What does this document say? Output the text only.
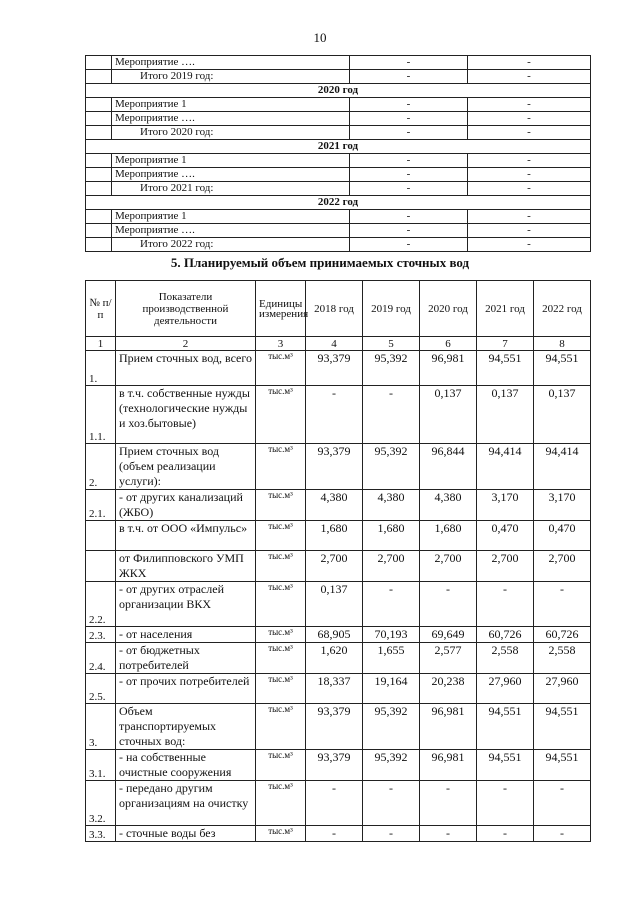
10
	Мероприятие ….	-	-
	Итого 2019 год:	-	-
2020 год			
	Мероприятие 1	-	-
	Мероприятие ….	-	-
	Итого 2020 год:	-	-
2021 год			
	Мероприятие 1	-	-
	Мероприятие ….	-	-
	Итого 2021 год:	-	-
2022 год			
	Мероприятие 1	-	-
	Мероприятие ….	-	-
	Итого 2022 год:	-	-
5. Планируемый объем принимаемых сточных вод
№ п/п	Показатели производственной деятельности	Единицы измерения	2018 год	2019 год	2020 год	2021 год	2022 год
1	2	3	4	5	6	7	8
1.	Прием сточных вод, всего	тыс.м³	93,379	95,392	96,981	94,551	94,551
1.1.	в т.ч. собственные нужды (технологические нужды и хоз.бытовые)	тыс.м³	-	-	0,137	0,137	0,137
2.	Прием сточных вод (объем реализации услуги):	тыс.м³	93,379	95,392	96,844	94,414	94,414
2.1.	- от других канализаций (ЖБО)	тыс.м³	4,380	4,380	4,380	3,170	3,170
	в т.ч. от ООО «Импульс»	тыс.м³	1,680	1,680	1,680	0,470	0,470
	от Филипповского УМП ЖКХ	тыс.м³	2,700	2,700	2,700	2,700	2,700
2.2.	- от других отраслей организации ВКХ	тыс.м³	0,137	-	-	-	-
2.3.	- от населения	тыс.м³	68,905	70,193	69,649	60,726	60,726
2.4.	- от бюджетных потребителей	тыс.м³	1,620	1,655	2,577	2,558	2,558
2.5.	- от прочих потребителей	тыс.м³	18,337	19,164	20,238	27,960	27,960
3.	Объем транспортируемых сточных вод:	тыс.м³	93,379	95,392	96,981	94,551	94,551
3.1.	- на собственные очистные сооружения	тыс.м³	93,379	95,392	96,981	94,551	94,551
3.2.	- передано другим организациям на очистку	тыс.м³	-	-	-	-	-
3.3.	- сточные воды без	тыс.м³	-	-	-	-	-
